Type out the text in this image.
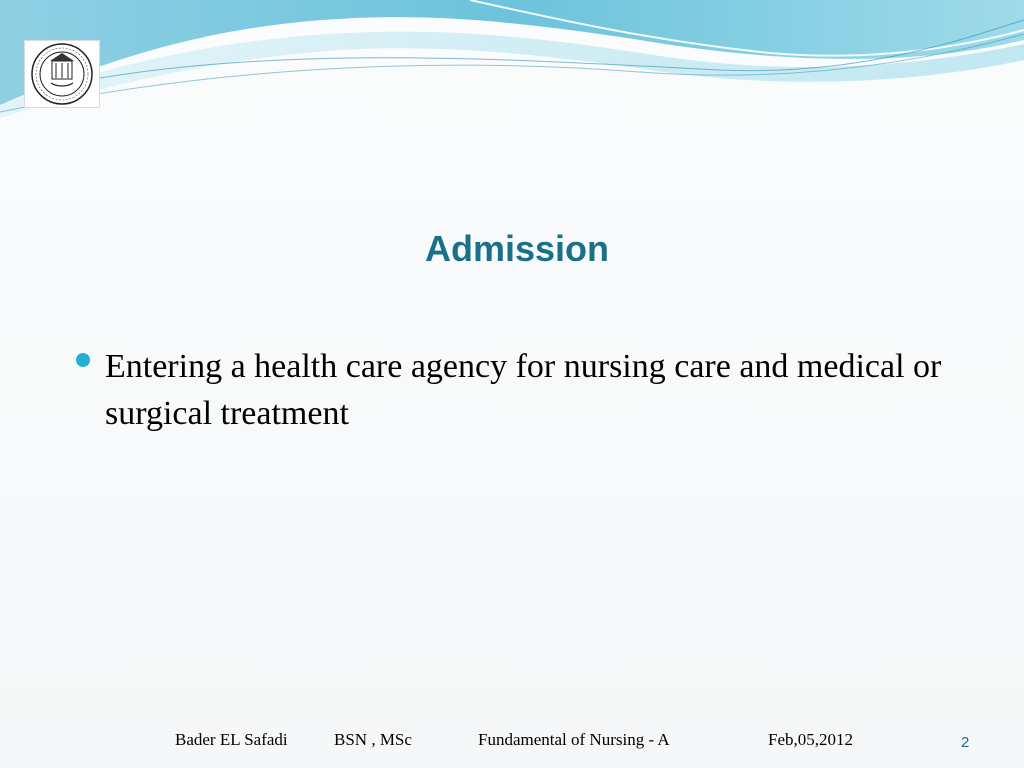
Admission
Entering a health care agency for nursing care and medical or surgical treatment
Bader EL Safadi	BSN , MSc	Fundamental of Nursing - A	Feb,05,2012	2
